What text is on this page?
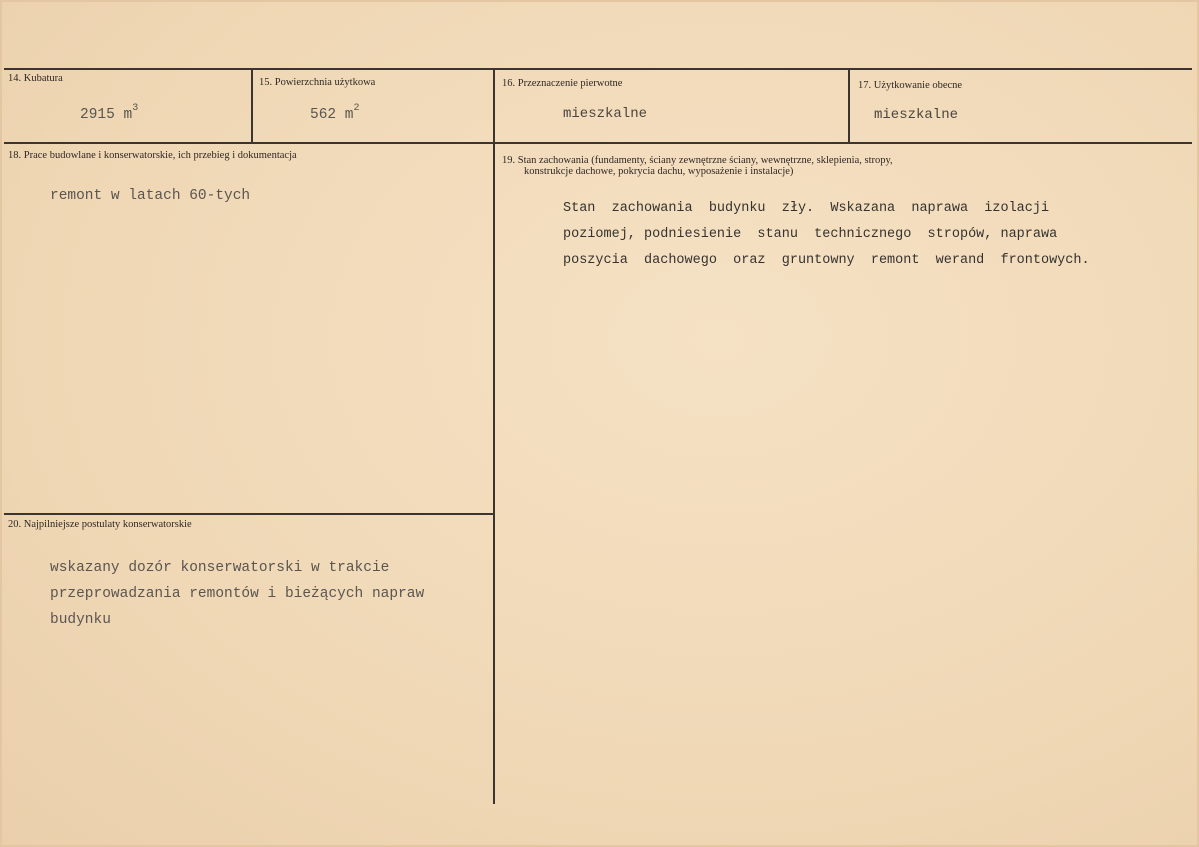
14. Kubatura
2915 $m^3$
15. Powierzchnia użytkowa
562 $m^2$
16. Przeznaczenie pierwotne
mieszkalne
17. Użytkowanie obecne
mieszkalne
18. Prace budowlane i konserwatorskie, ich przebieg i dokumentacja
remont w latach 60-tych
19. Stan zachowania (fundamenty, ściany zewnętrzne ściany, wewnętrzne, sklepienia, stropy,
konstrukcje dachowe, pokrycia dachu, wyposażenie i instalacje)
Stan  zachowania  budynku  zły.  Wskazana  naprawa  izolacji
poziomej, podniesienie  stanu  technicznego  stropów, naprawa
poszycia  dachowego  oraz  gruntowny  remont  werand  frontowych.
20. Najpilniejsze postulaty konserwatorskie
wskazany dozór konserwatorski w trakcie
przeprowadzania remontów i bieżących napraw
budynku
